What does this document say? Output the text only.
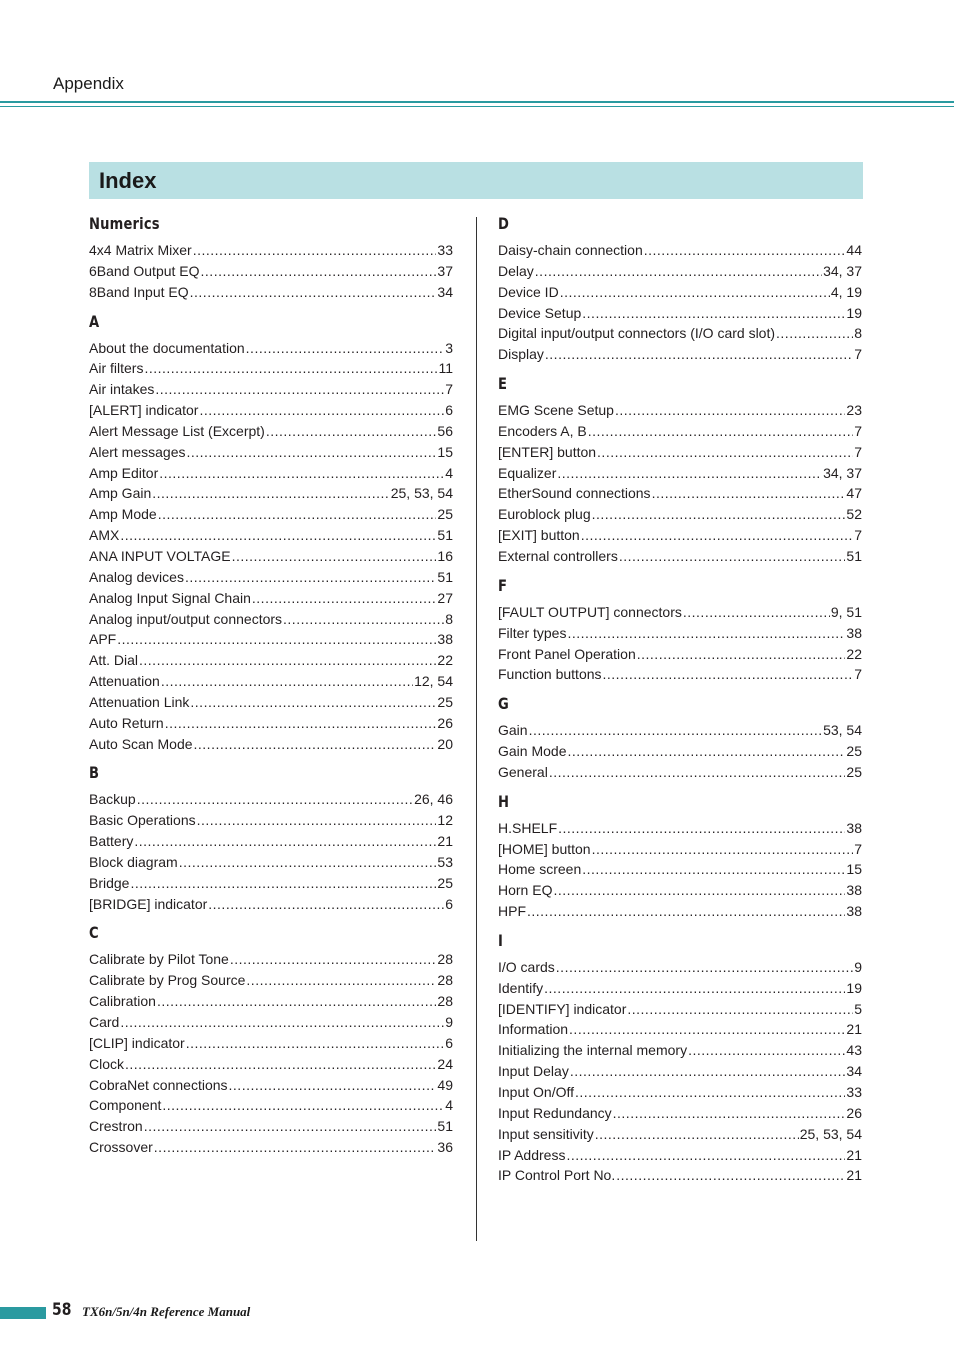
Appendix
Index
Numerics
4x4 Matrix Mixer .....	33
6Band Output EQ .....	37
8Band Input EQ .....	34
A
About the documentation .....	3
Air filters .....	11
Air intakes .....	7
[ALERT] indicator .....	6
Alert Message List (Excerpt) .....	56
Alert messages .....	15
Amp Editor .....	4
Amp Gain .....	25, 53, 54
Amp Mode .....	25
AMX .....	51
ANA INPUT VOLTAGE .....	16
Analog devices .....	51
Analog Input Signal Chain .....	27
Analog input/output connectors .....	8
APF .....	38
Att. Dial .....	22
Attenuation .....	12, 54
Attenuation Link .....	25
Auto Return .....	26
Auto Scan Mode .....	20
B
Backup .....	26, 46
Basic Operations .....	12
Battery .....	21
Block diagram .....	53
Bridge .....	25
[BRIDGE] indicator .....	6
C
Calibrate by Pilot Tone .....	28
Calibrate by Prog Source .....	28
Calibration .....	28
Card .....	9
[CLIP] indicator .....	6
Clock .....	24
CobraNet connections .....	49
Component .....	4
Crestron .....	51
Crossover .....	36
D
Daisy-chain connection .....	44
Delay .....	34, 37
Device ID .....	4, 19
Device Setup .....	19
Digital input/output connectors (I/O card slot) .....	8
Display .....	7
E
EMG Scene Setup .....	23
Encoders A, B .....	7
[ENTER] button .....	7
Equalizer .....	34, 37
EtherSound connections .....	47
Euroblock plug .....	52
[EXIT] button .....	7
External controllers .....	51
F
[FAULT OUTPUT] connectors .....	9, 51
Filter types .....	38
Front Panel Operation .....	22
Function buttons .....	7
G
Gain .....	53, 54
Gain Mode .....	25
General .....	25
H
H.SHELF .....	38
[HOME] button .....	7
Home screen .....	15
Horn EQ .....	38
HPF .....	38
I
I/O cards .....	9
Identify .....	19
[IDENTIFY] indicator .....	5
Information .....	21
Initializing the internal memory .....	43
Input Delay .....	34
Input On/Off .....	33
Input Redundancy .....	26
Input sensitivity .....	25, 53, 54
IP Address .....	21
IP Control Port No. .....	21
58 TX6n/5n/4n Reference Manual
